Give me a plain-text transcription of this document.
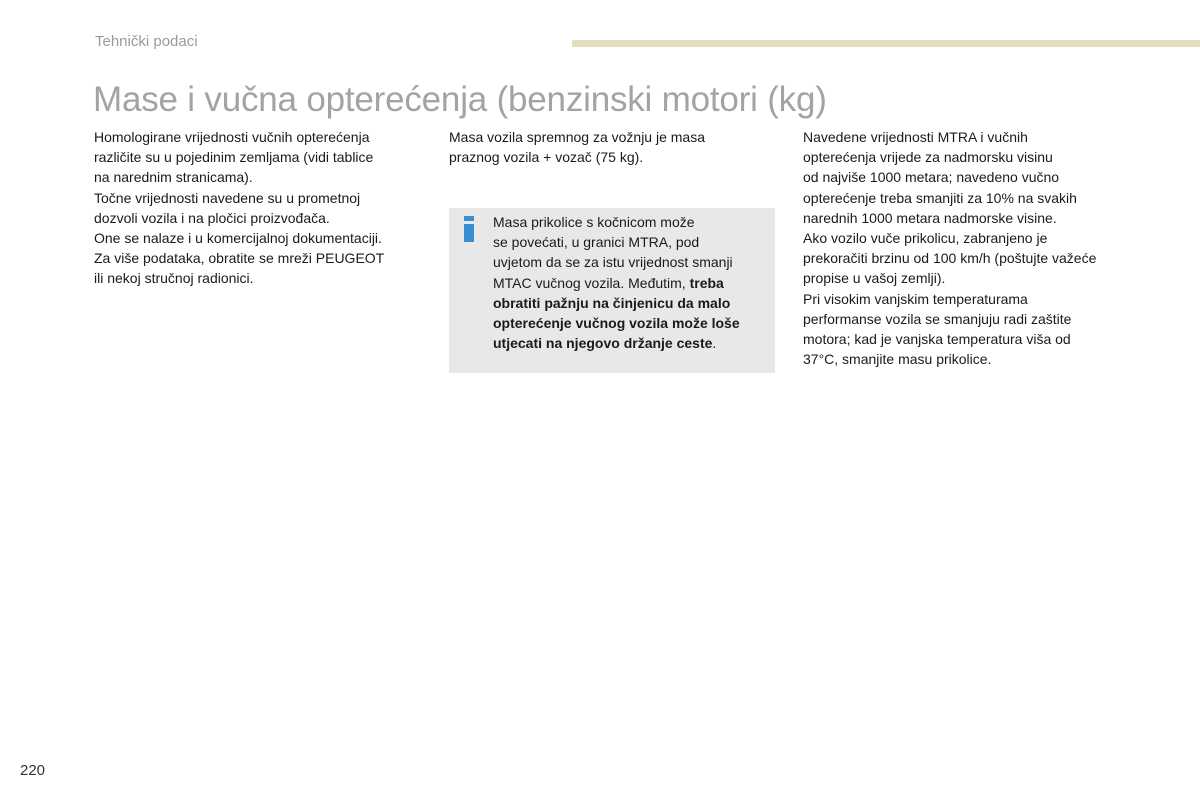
Tehnički podaci
Mase i vučna opterećenja (benzinski motori (kg)

Homologirane vrijednosti vučnih opterećenja

različite su u pojedinim zemljama (vidi tablice

na narednim stranicama).

Točne vrijednosti navedene su u prometnoj

dozvoli vozila i na pločici proizvođača.

One se nalaze i u komercijalnoj dokumentaciji.

Za više podataka, obratite se mreži PEUGEOT

ili nekoj stručnoj radionici.

Masa vozila spremnog za vožnju je masa

praznog vozila + vozač (75 kg).

Masa prikolice s kočnicom može

se povećati, u granici MTRA, pod

uvjetom da se za istu vrijednost smanji

MTAC vučnog vozila. Međutim, treba

obratiti pažnju na činjenicu da malo

opterećenje vučnog vozila može loše

utjecati na njegovo držanje ceste.

Navedene vrijednosti MTRA i vučnih

opterećenja vrijede za nadmorsku visinu

od najviše 1000 metara; navedeno vučno

opterećenje treba smanjiti za 10% na svakih

narednih 1000 metara nadmorske visine.

Ako vozilo vuče prikolicu, zabranjeno je

prekoračiti brzinu od 100 km/h (poštujte važeće

propise u vašoj zemlji).

Pri visokim vanjskim temperaturama

performanse vozila se smanjuju radi zaštite

motora; kad je vanjska temperatura viša od

37°C, smanjite masu prikolice.

220
